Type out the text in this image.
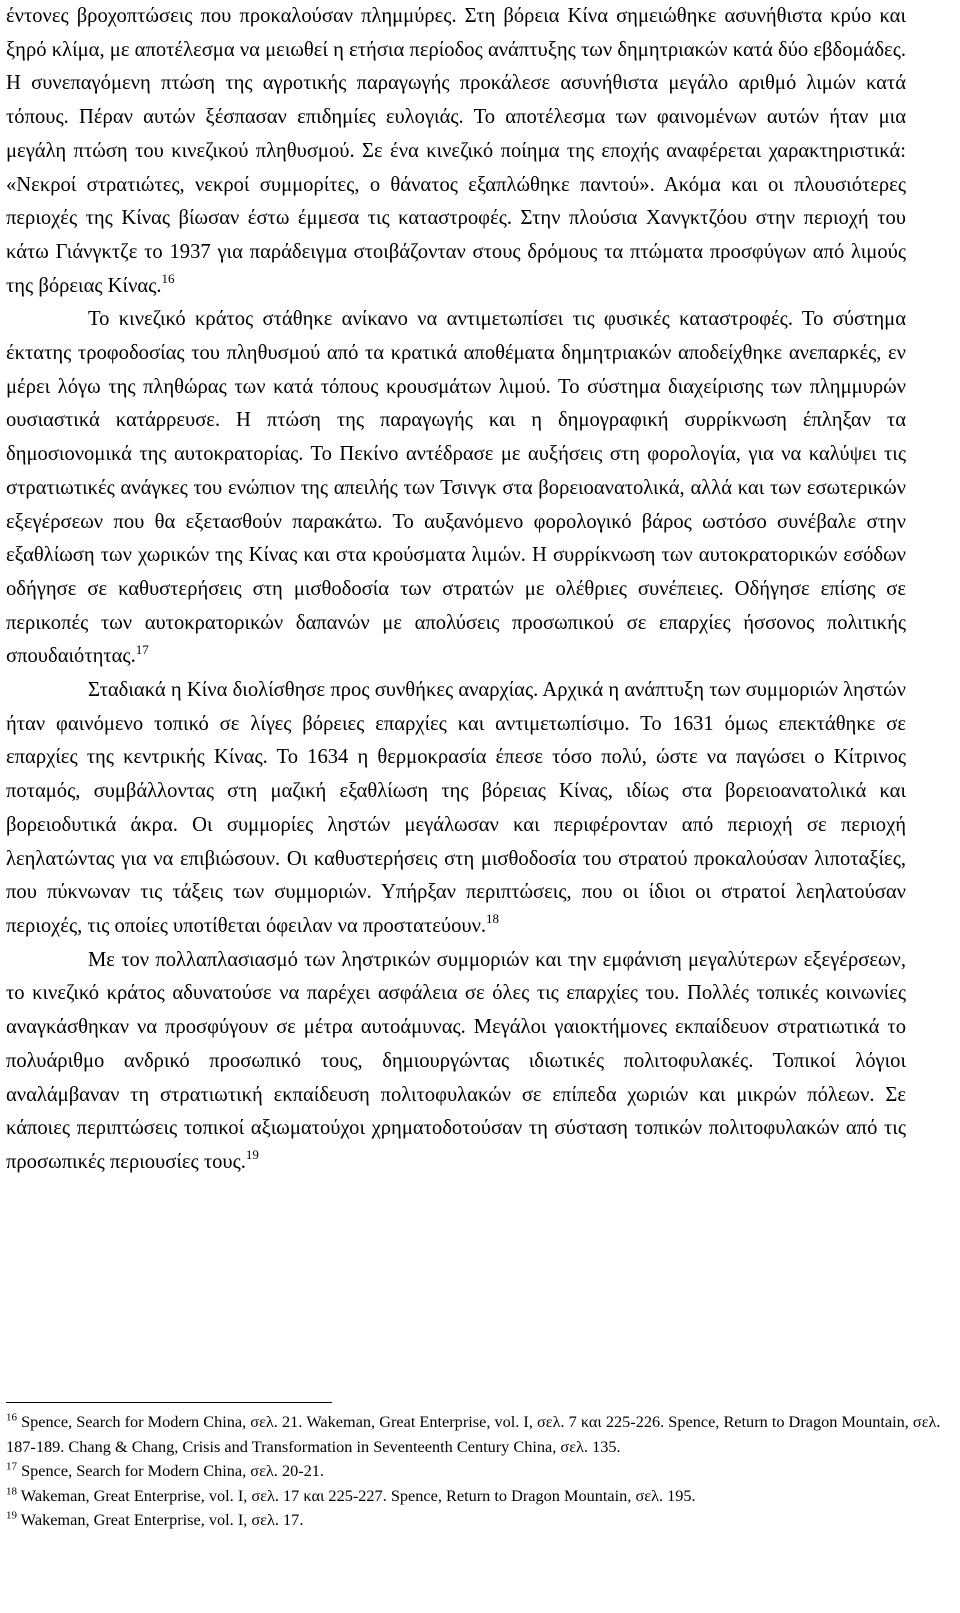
έντονες βροχοπτώσεις που προκαλούσαν πλημμύρες. Στη βόρεια Κίνα σημειώθηκε ασυνήθιστα κρύο και ξηρό κλίμα, με αποτέλεσμα να μειωθεί η ετήσια περίοδος ανάπτυξης των δημητριακών κατά δύο εβδομάδες. Η συνεπαγόμενη πτώση της αγροτικής παραγωγής προκάλεσε ασυνήθιστα μεγάλο αριθμό λιμών κατά τόπους. Πέραν αυτών ξέσπασαν επιδημίες ευλογιάς. Το αποτέλεσμα των φαινομένων αυτών ήταν μια μεγάλη πτώση του κινεζικού πληθυσμού. Σε ένα κινεζικό ποίημα της εποχής αναφέρεται χαρακτηριστικά: «Νεκροί στρατιώτες, νεκροί συμμορίτες, ο θάνατος εξαπλώθηκε παντού». Ακόμα και οι πλουσιότερες περιοχές της Κίνας βίωσαν έστω έμμεσα τις καταστροφές. Στην πλούσια Χανγκτζόου στην περιοχή του κάτω Γιάνγκτζε το 1937 για παράδειγμα στοιβάζονταν στους δρόμους τα πτώματα προσφύγων από λιμούς της βόρειας Κίνας.$^{16}$

Το κινεζικό κράτος στάθηκε ανίκανο να αντιμετωπίσει τις φυσικές καταστροφές. Το σύστημα έκτατης τροφοδοσίας του πληθυσμού από τα κρατικά αποθέματα δημητριακών αποδείχθηκε ανεπαρκές, εν μέρει λόγω της πληθώρας των κατά τόπους κρουσμάτων λιμού. Το σύστημα διαχείρισης των πλημμυρών ουσιαστικά κατάρρευσε. Η πτώση της παραγωγής και η δημογραφική συρρίκνωση έπληξαν τα δημοσιονομικά της αυτοκρατορίας. Το Πεκίνο αντέδρασε με αυξήσεις στη φορολογία, για να καλύψει τις στρατιωτικές ανάγκες του ενώπιον της απειλής των Τσινγκ στα βορειοανατολικά, αλλά και των εσωτερικών εξεγέρσεων που θα εξετασθούν παρακάτω. Το αυξανόμενο φορολογικό βάρος ωστόσο συνέβαλε στην εξαθλίωση των χωρικών της Κίνας και στα κρούσματα λιμών. Η συρρίκνωση των αυτοκρατορικών εσόδων οδήγησε σε καθυστερήσεις στη μισθοδοσία των στρατών με ολέθριες συνέπειες. Οδήγησε επίσης σε περικοπές των αυτοκρατορικών δαπανών με απολύσεις προσωπικού σε επαρχίες ήσσονος πολιτικής σπουδαιότητας.$^{17}$

Σταδιακά η Κίνα διολίσθησε προς συνθήκες αναρχίας. Αρχικά η ανάπτυξη των συμμοριών ληστών ήταν φαινόμενο τοπικό σε λίγες βόρειες επαρχίες και αντιμετωπίσιμο. Το 1631 όμως επεκτάθηκε σε επαρχίες της κεντρικής Κίνας. Το 1634 η θερμοκρασία έπεσε τόσο πολύ, ώστε να παγώσει ο Κίτρινος ποταμός, συμβάλλοντας στη μαζική εξαθλίωση της βόρειας Κίνας, ιδίως στα βορειοανατολικά και βορειοδυτικά άκρα. Οι συμμορίες ληστών μεγάλωσαν και περιφέρονταν από περιοχή σε περιοχή λεηλατώντας για να επιβιώσουν. Οι καθυστερήσεις στη μισθοδοσία του στρατού προκαλούσαν λιποταξίες, που πύκνωναν τις τάξεις των συμμοριών. Υπήρξαν περιπτώσεις, που οι ίδιοι οι στρατοί λεηλατούσαν περιοχές, τις οποίες υποτίθεται όφειλαν να προστατεύουν.$^{18}$

Με τον πολλαπλασιασμό των ληστρικών συμμοριών και την εμφάνιση μεγαλύτερων εξεγέρσεων, το κινεζικό κράτος αδυνατούσε να παρέχει ασφάλεια σε όλες τις επαρχίες του. Πολλές τοπικές κοινωνίες αναγκάσθηκαν να προσφύγουν σε μέτρα αυτοάμυνας. Μεγάλοι γαιοκτήμονες εκπαίδευον στρατιωτικά το πολυάριθμο ανδρικό προσωπικό τους, δημιουργώντας ιδιωτικές πολιτοφυλακές. Τοπικοί λόγιοι αναλάμβαναν τη στρατιωτική εκπαίδευση πολιτοφυλακών σε επίπεδα χωριών και μικρών πόλεων. Σε κάποιες περιπτώσεις τοπικοί αξιωματούχοι χρηματοδοτούσαν τη σύσταση τοπικών πολιτοφυλακών από τις προσωπικές περιουσίες τους.$^{19}$

$^{16}$ Spence, Search for Modern China, σελ. 21. Wakeman, Great Enterprise, vol. I, σελ. 7 και 225-226. Spence, Return to Dragon Mountain, σελ. 187-189. Chang & Chang, Crisis and Transformation in Seventeenth Century China, σελ. 135.

$^{17}$ Spence, Search for Modern China, σελ. 20-21.

$^{18}$ Wakeman, Great Enterprise, vol. I, σελ. 17 και 225-227. Spence, Return to Dragon Mountain, σελ. 195.

$^{19}$ Wakeman, Great Enterprise, vol. I, σελ. 17.
